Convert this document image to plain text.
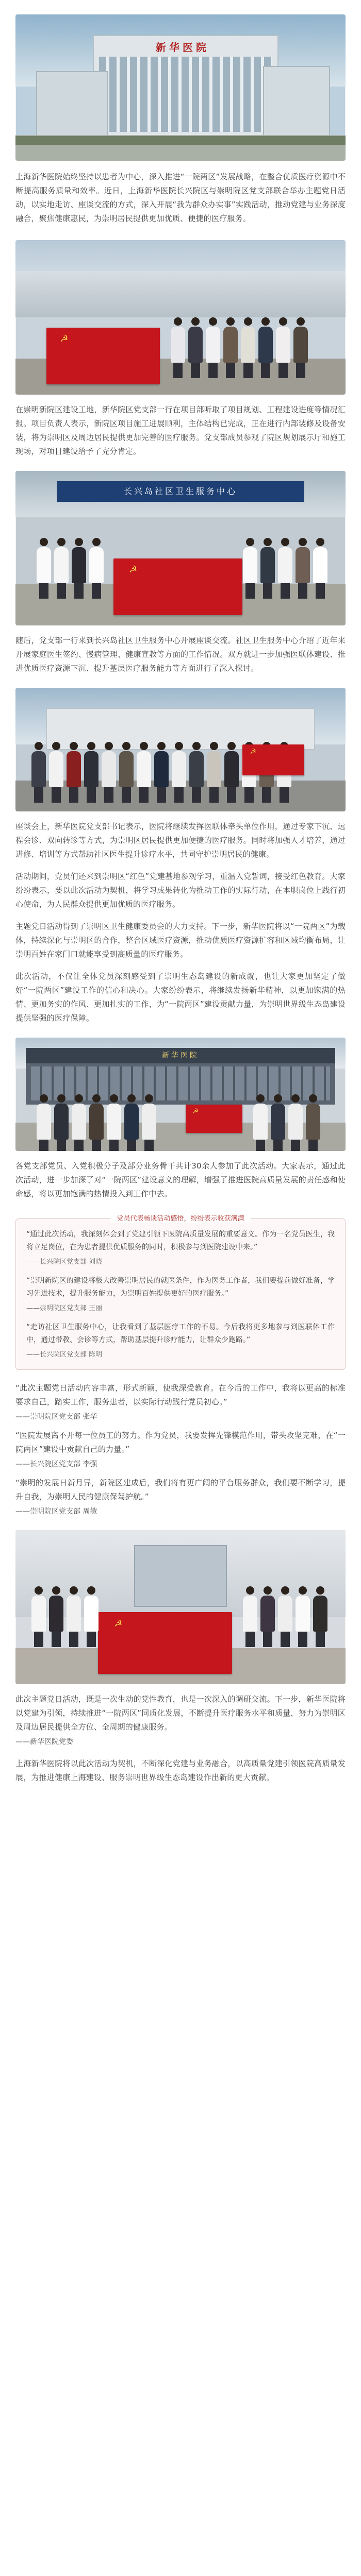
新华医院

上海新华医院始终坚持以患者为中心，深入推进“一院两区”发展战略，在整合优质医疗资源中不断提高服务质量和效率。近日，上海新华医院长兴院区与崇明院区党支部联合举办主题党日活动，以实地走访、座谈交流的方式，深入开展“我为群众办实事”实践活动，推动党建与业务深度融合，聚焦健康惠民，为崇明居民提供更加优质、便捷的医疗服务。

☭

在崇明新院区建设工地，新华院区党支部一行在项目部听取了项目规划、工程建设进度等情况汇报。项目负责人表示，新院区项目施工进展顺利，主体结构已完成，正在进行内部装修及设备安装，将为崇明区及周边居民提供更加完善的医疗服务。党支部成员参观了院区规划展示厅和施工现场，对项目建设给予了充分肯定。

长兴岛社区卫生服务中心
☭

随后，党支部一行来到长兴岛社区卫生服务中心开展座谈交流。社区卫生服务中心介绍了近年来开展家庭医生签约、慢病管理、健康宣教等方面的工作情况。双方就进一步加强医联体建设、推进优质医疗资源下沉、提升基层医疗服务能力等方面进行了深入探讨。

☭

座谈会上，新华医院党支部书记表示，医院将继续发挥医联体牵头单位作用，通过专家下沉、远程会诊、双向转诊等方式，为崇明区居民提供更加便捷的医疗服务。同时将加强人才培养，通过进修、培训等方式帮助社区医生提升诊疗水平，共同守护崇明居民的健康。

活动期间，党员们还来到崇明区“红色”党建基地参观学习，重温入党誓词，接受红色教育。大家纷纷表示，要以此次活动为契机，将学习成果转化为推动工作的实际行动，在本职岗位上践行初心使命，为人民群众提供更加优质的医疗服务。

主题党日活动得到了崇明区卫生健康委员会的大力支持。下一步，新华医院将以“一院两区”为载体，持续深化与崇明区的合作，整合区域医疗资源，推动优质医疗资源扩容和区域均衡布局，让崇明百姓在家门口就能享受到高质量的医疗服务。

此次活动，不仅让全体党员深刻感受到了崇明生态岛建设的新成就，也让大家更加坚定了做好“一院两区”建设工作的信心和决心。大家纷纷表示，将继续发扬新华精神，以更加饱满的热情、更加务实的作风、更加扎实的工作，为“一院两区”建设贡献力量，为崇明世界级生态岛建设提供坚强的医疗保障。

新华医院
☭

各党支部党员、入党积极分子及部分业务骨干共计30余人参加了此次活动。大家表示，通过此次活动，进一步加深了对“一院两区”建设意义的理解，增强了推进医院高质量发展的责任感和使命感，将以更加饱满的热情投入到工作中去。

党员代表畅谈活动感悟，纷纷表示收获满满
“通过此次活动，我深刻体会到了党建引领下医院高质量发展的重要意义。作为一名党员医生，我将立足岗位，在为患者提供优质服务的同时，积极参与到医院建设中来。”
——长兴院区党支部 刘晓
“崇明新院区的建设将极大改善崇明居民的就医条件，作为医务工作者，我们要提前做好准备，学习先进技术，提升服务能力，为崇明百姓提供更好的医疗服务。”
——崇明院区党支部 王丽
“走访社区卫生服务中心，让我看到了基层医疗工作的不易。今后我将更多地参与到医联体工作中，通过带教、会诊等方式，帮助基层提升诊疗能力，让群众少跑路。”
——长兴院区党支部 陈明

“此次主题党日活动内容丰富，形式新颖，使我深受教育。在今后的工作中，我将以更高的标准要求自己，踏实工作，服务患者，以实际行动践行党员初心。”

——崇明院区党支部 张华

“医院发展离不开每一位员工的努力。作为党员，我要发挥先锋模范作用，带头攻坚克难，在“一院两区”建设中贡献自己的力量。”

——长兴院区党支部 李强

“崇明的发展日新月异，新院区建成后，我们将有更广阔的平台服务群众，我们要不断学习，提升自我，为崇明人民的健康保驾护航。”

——崇明院区党支部 周敏
☭

此次主题党日活动，既是一次生动的党性教育，也是一次深入的调研交流。下一步，新华医院将以党建为引领，持续推进“一院两区”同质化发展，不断提升医疗服务水平和质量，努力为崇明区及周边居民提供全方位、全周期的健康服务。

——新华医院党委

上海新华医院将以此次活动为契机，不断深化党建与业务融合，以高质量党建引领医院高质量发展，为推进健康上海建设、服务崇明世界级生态岛建设作出新的更大贡献。
